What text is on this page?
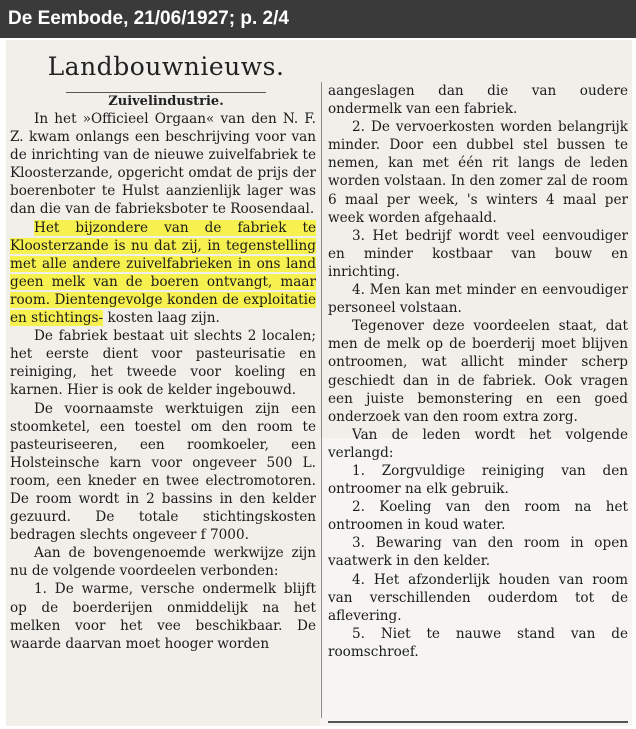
De Eembode, 21/06/1927; p. 2/4
Landbouwnieuws.
Zuivelindustrie.

In het »Officieel Orgaan« van den N. F. Z. kwam onlangs een beschrijving voor van de inrichting van de nieuwe zuivelfabriek te Kloosterzande, opgericht omdat de prijs der boerenboter te Hulst aanzienlijk lager was dan die van de fabrieksboter te Roosendaal.

Het bijzondere van de fabriek te Kloosterzande is nu dat zij, in tegenstelling met alle andere zuivelfabrieken in ons land geen melk van de boeren ontvangt, maar room. Dientengevolge konden de exploitatie en stichtings- kosten laag zijn.

De fabriek bestaat uit slechts 2 localen; het eerste dient voor pasteurisatie en reiniging, het tweede voor koeling en karnen. Hier is ook de kelder ingebouwd.

De voornaamste werktuigen zijn een stoomketel, een toestel om den room te pasteuriseeren, een roomkoeler, een Holsteinsche karn voor ongeveer 500 L. room, een kneder en twee electromotoren. De room wordt in 2 bassins in den kelder gezuurd. De totale stichtingskosten bedragen slechts ongeveer f 7000.

Aan de bovengenoemde werkwijze zijn nu de volgende voordeelen verbonden:

1. De warme, versche ondermelk blijft op de boerderijen onmiddelijk na het melken voor het vee beschikbaar. De waarde daarvan moet hooger worden

aangeslagen dan die van oudere ondermelk van een fabriek.

2. De vervoerkosten worden belangrijk minder. Door een dubbel stel bussen te nemen, kan met één rit langs de leden worden volstaan. In den zomer zal de room 6 maal per week, 's winters 4 maal per week worden afgehaald.

3. Het bedrijf wordt veel eenvoudiger en minder kostbaar van bouw en inrichting.

4. Men kan met minder en eenvoudiger personeel volstaan.

Tegenover deze voordeelen staat, dat men de melk op de boerderij moet blijven ontroomen, wat allicht minder scherp geschiedt dan in de fabriek. Ook vragen een juiste bemonstering en een goed onderzoek van den room extra zorg.

Van de leden wordt het volgende verlangd:

1. Zorgvuldige reiniging van den ontroomer na elk gebruik.

2. Koeling van den room na het ontroomen in koud water.

3. Bewaring van den room in open vaatwerk in den kelder.

4. Het afzonderlijk houden van room van verschillenden ouderdom tot de aflevering.

5. Niet te nauwe stand van de roomschroef.
